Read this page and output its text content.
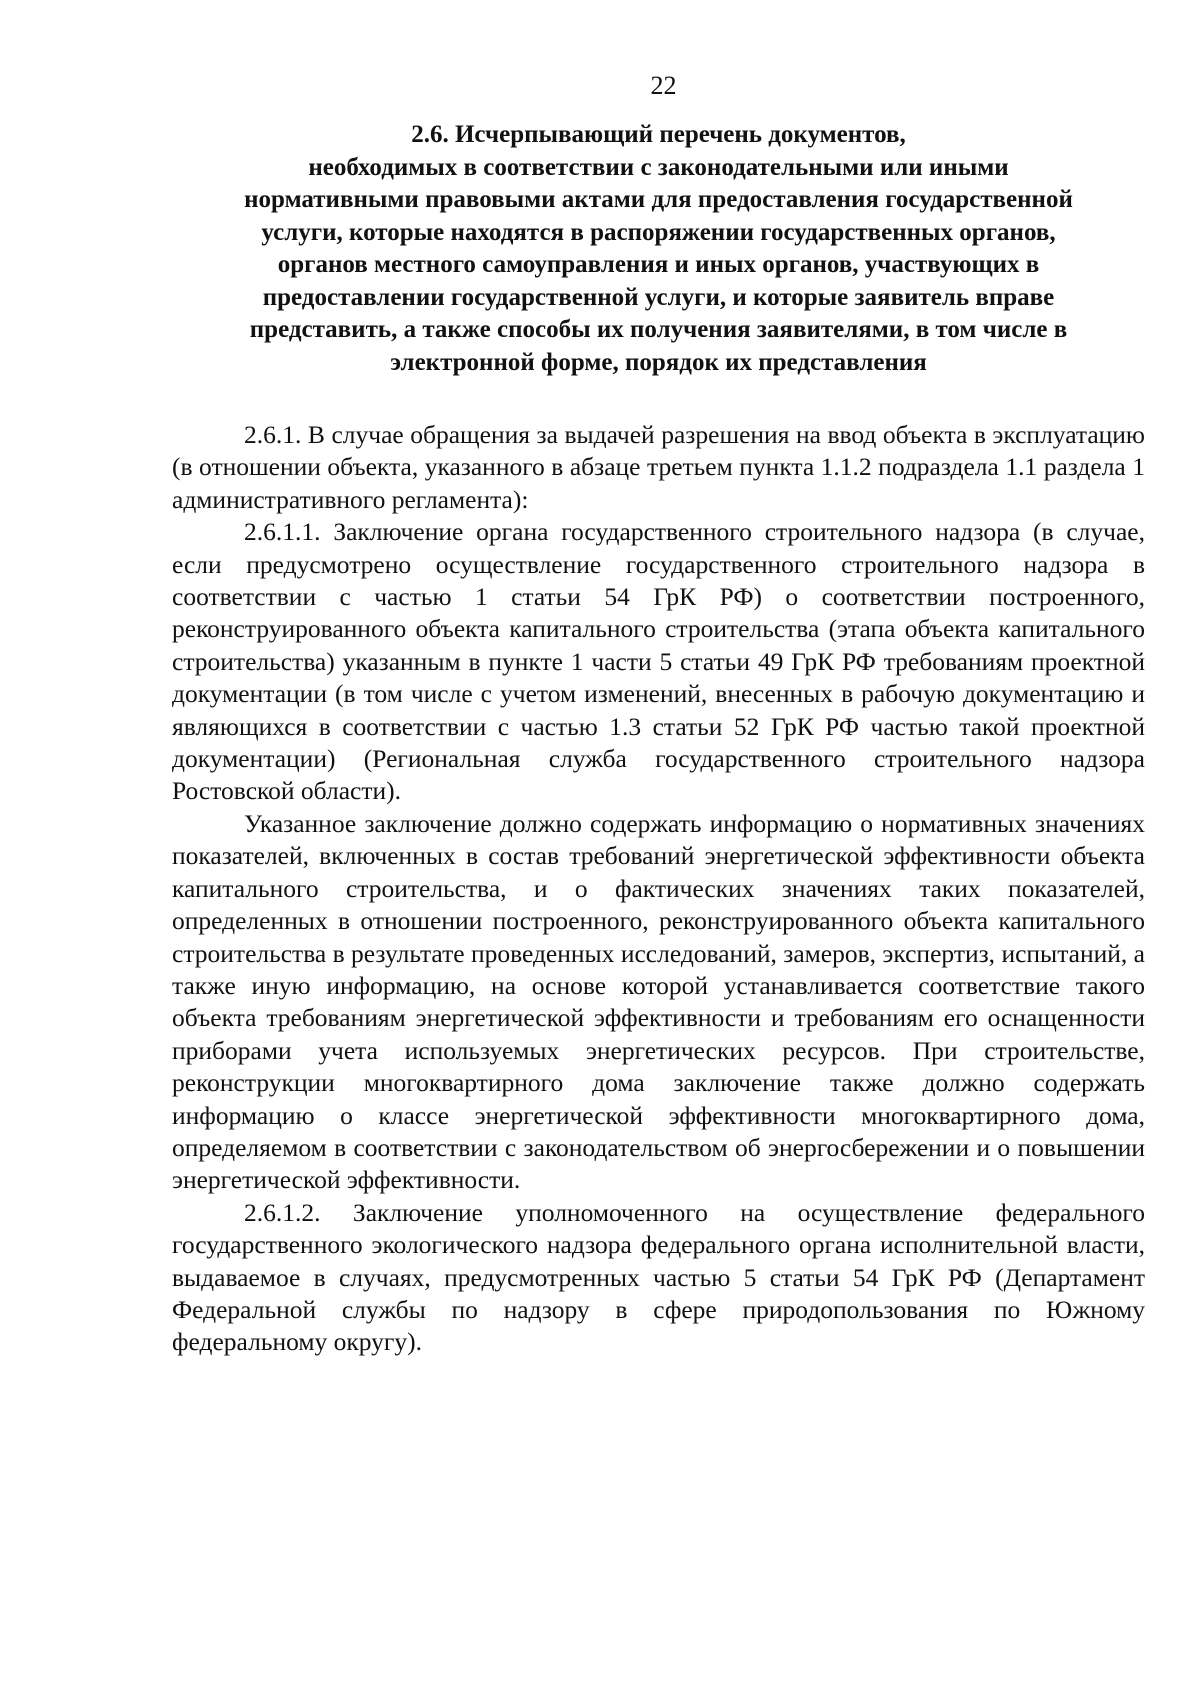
22
2.6. Исчерпывающий перечень документов,
необходимых в соответствии с законодательными или иными
нормативными правовыми актами для предоставления государственной
услуги, которые находятся в распоряжении государственных органов,
органов местного самоуправления и иных органов, участвующих в
предоставлении государственной услуги, и которые заявитель вправе
представить, а также способы их получения заявителями, в том числе в
электронной форме, порядок их представления

2.6.1. В случае обращения за выдачей разрешения на ввод объекта в эксплуатацию (в отношении объекта, указанного в абзаце третьем пункта 1.1.2 подраздела 1.1 раздела 1 административного регламента):

2.6.1.1. Заключение органа государственного строительного надзора (в случае, если предусмотрено осуществление государственного строительного надзора в соответствии с частью 1 статьи 54 ГрК РФ) о соответствии построенного, реконструированного объекта капитального строительства (этапа объекта капитального строительства) указанным в пункте 1 части 5 статьи 49 ГрК РФ требованиям проектной документации (в том числе с учетом изменений, внесенных в рабочую документацию и являющихся в соответствии с частью 1.3 статьи 52 ГрК РФ частью такой проектной документации) (Региональная служба государственного строительного надзора Ростовской области).

Указанное заключение должно содержать информацию о нормативных значениях показателей, включенных в состав требований энергетической эффективности объекта капитального строительства, и о фактических значениях таких показателей, определенных в отношении построенного, реконструированного объекта капитального строительства в результате проведенных исследований, замеров, экспертиз, испытаний, а также иную информацию, на основе которой устанавливается соответствие такого объекта требованиям энергетической эффективности и требованиям его оснащенности приборами учета используемых энергетических ресурсов. При строительстве, реконструкции многоквартирного дома заключение также должно содержать информацию о классе энергетической эффективности многоквартирного дома, определяемом в соответствии с законодательством об энергосбережении и о повышении энергетической эффективности.

2.6.1.2. Заключение уполномоченного на осуществление федерального государственного экологического надзора федерального органа исполнительной власти, выдаваемое в случаях, предусмотренных частью 5 статьи 54 ГрК РФ (Департамент Федеральной службы по надзору в сфере природопользования по Южному федеральному округу).
